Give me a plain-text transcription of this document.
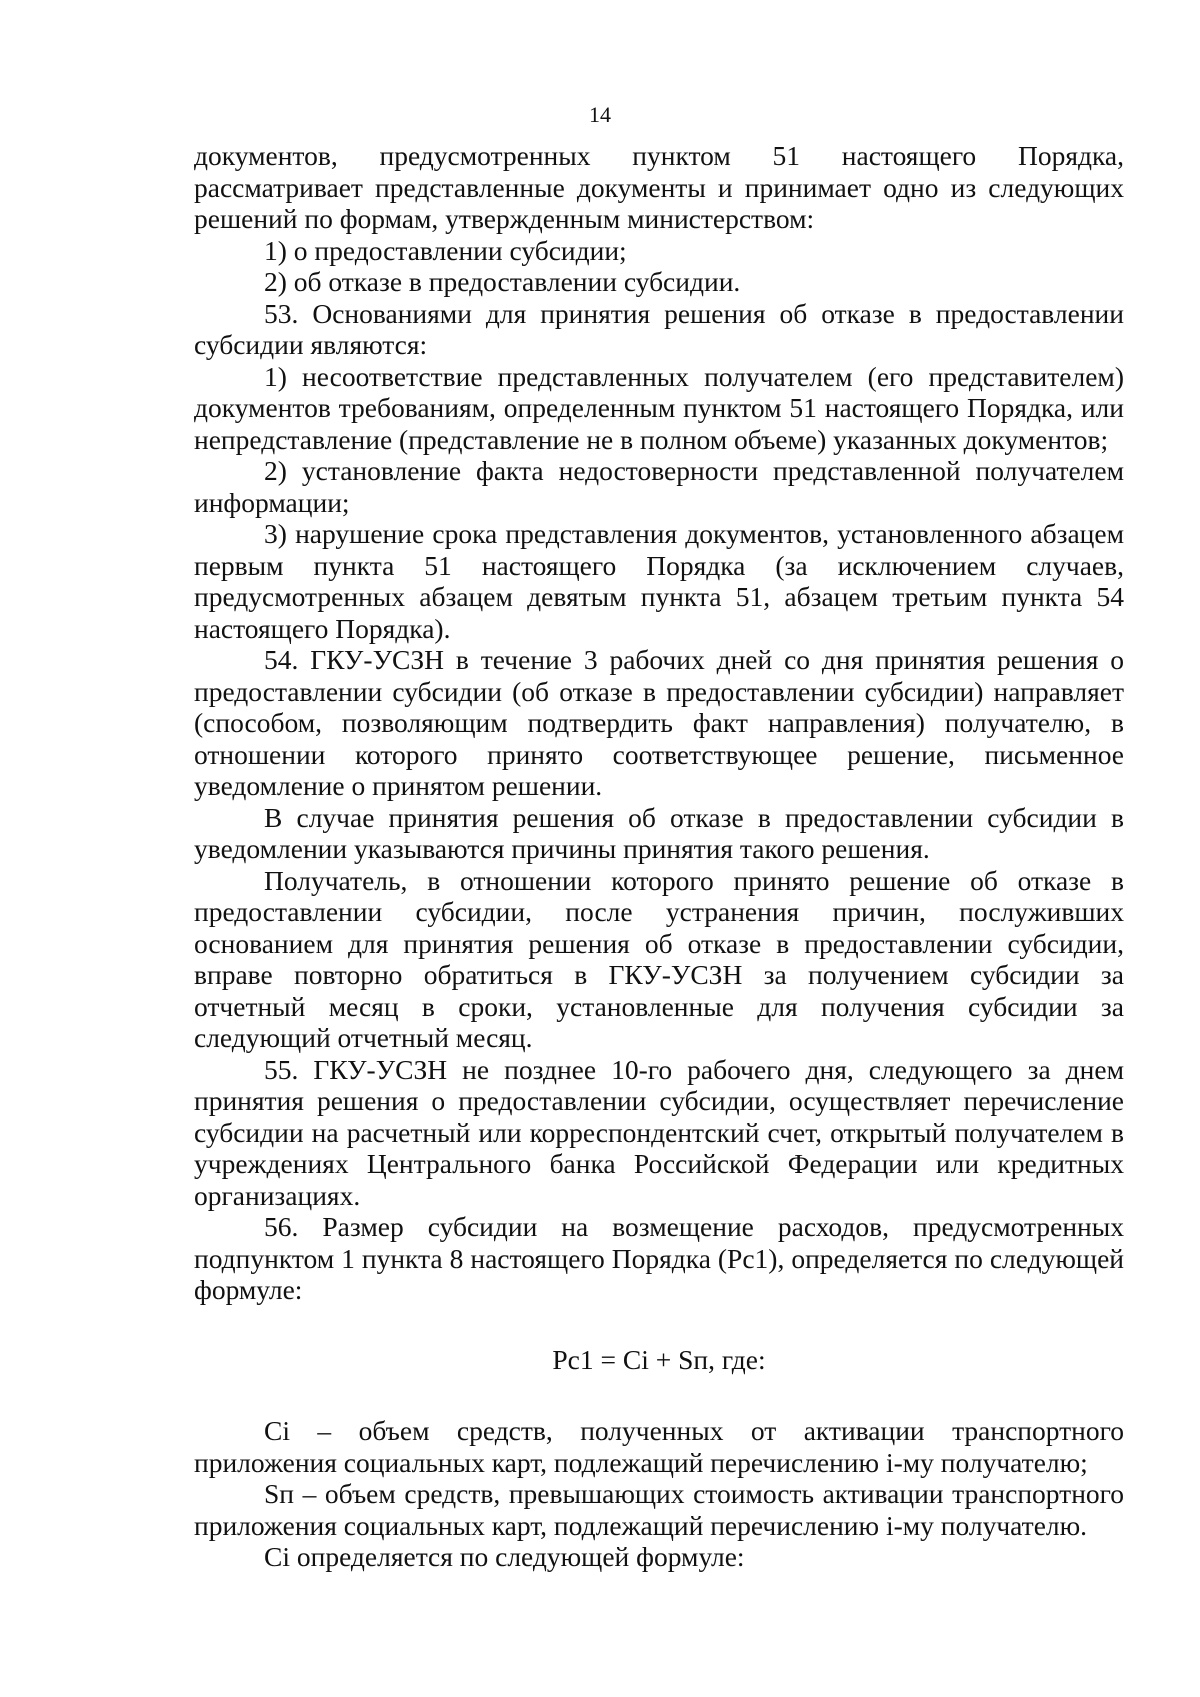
14

документов, предусмотренных пунктом 51 настоящего Порядка, рассматривает представленные документы и принимает одно из следующих решений по формам, утвержденным министерством:

1) о предоставлении субсидии;

2) об отказе в предоставлении субсидии.

53. Основаниями для принятия решения об отказе в предоставлении субсидии являются:

1) несоответствие представленных получателем (его представителем) документов требованиям, определенным пунктом 51 настоящего Порядка, или непредставление (представление не в полном объеме) указанных документов;

2) установление факта недостоверности представленной получателем информации;

3) нарушение срока представления документов, установленного абзацем первым пункта 51 настоящего Порядка (за исключением случаев, предусмотренных абзацем девятым пункта 51, абзацем третьим пункта 54 настоящего Порядка).

54. ГКУ-УСЗН в течение 3 рабочих дней со дня принятия решения о предоставлении субсидии (об отказе в предоставлении субсидии) направляет (способом, позволяющим подтвердить факт направления) получателю, в отношении которого принято соответствующее решение, письменное уведомление о принятом решении.

В случае принятия решения об отказе в предоставлении субсидии в уведомлении указываются причины принятия такого решения.

Получатель, в отношении которого принято решение об отказе в предоставлении субсидии, после устранения причин, послуживших основанием для принятия решения об отказе в предоставлении субсидии, вправе повторно обратиться в ГКУ-УСЗН за получением субсидии за отчетный месяц в сроки, установленные для получения субсидии за следующий отчетный месяц.

55. ГКУ-УСЗН не позднее 10-го рабочего дня, следующего за днем принятия решения о предоставлении субсидии, осуществляет перечисление субсидии на расчетный или корреспондентский счет, открытый получателем в учреждениях Центрального банка Российской Федерации или кредитных организациях.

56. Размер субсидии на возмещение расходов, предусмотренных подпунктом 1 пункта 8 настоящего Порядка (Рс1), определяется по следующей формуле:

Рс1 = Сi + Sп, где:

Сi – объем средств, полученных от активации транспортного приложения социальных карт, подлежащий перечислению i-му получателю;

Sп – объем средств, превышающих стоимость активации транспортного приложения социальных карт, подлежащий перечислению i-му получателю.

Сi определяется по следующей формуле:
